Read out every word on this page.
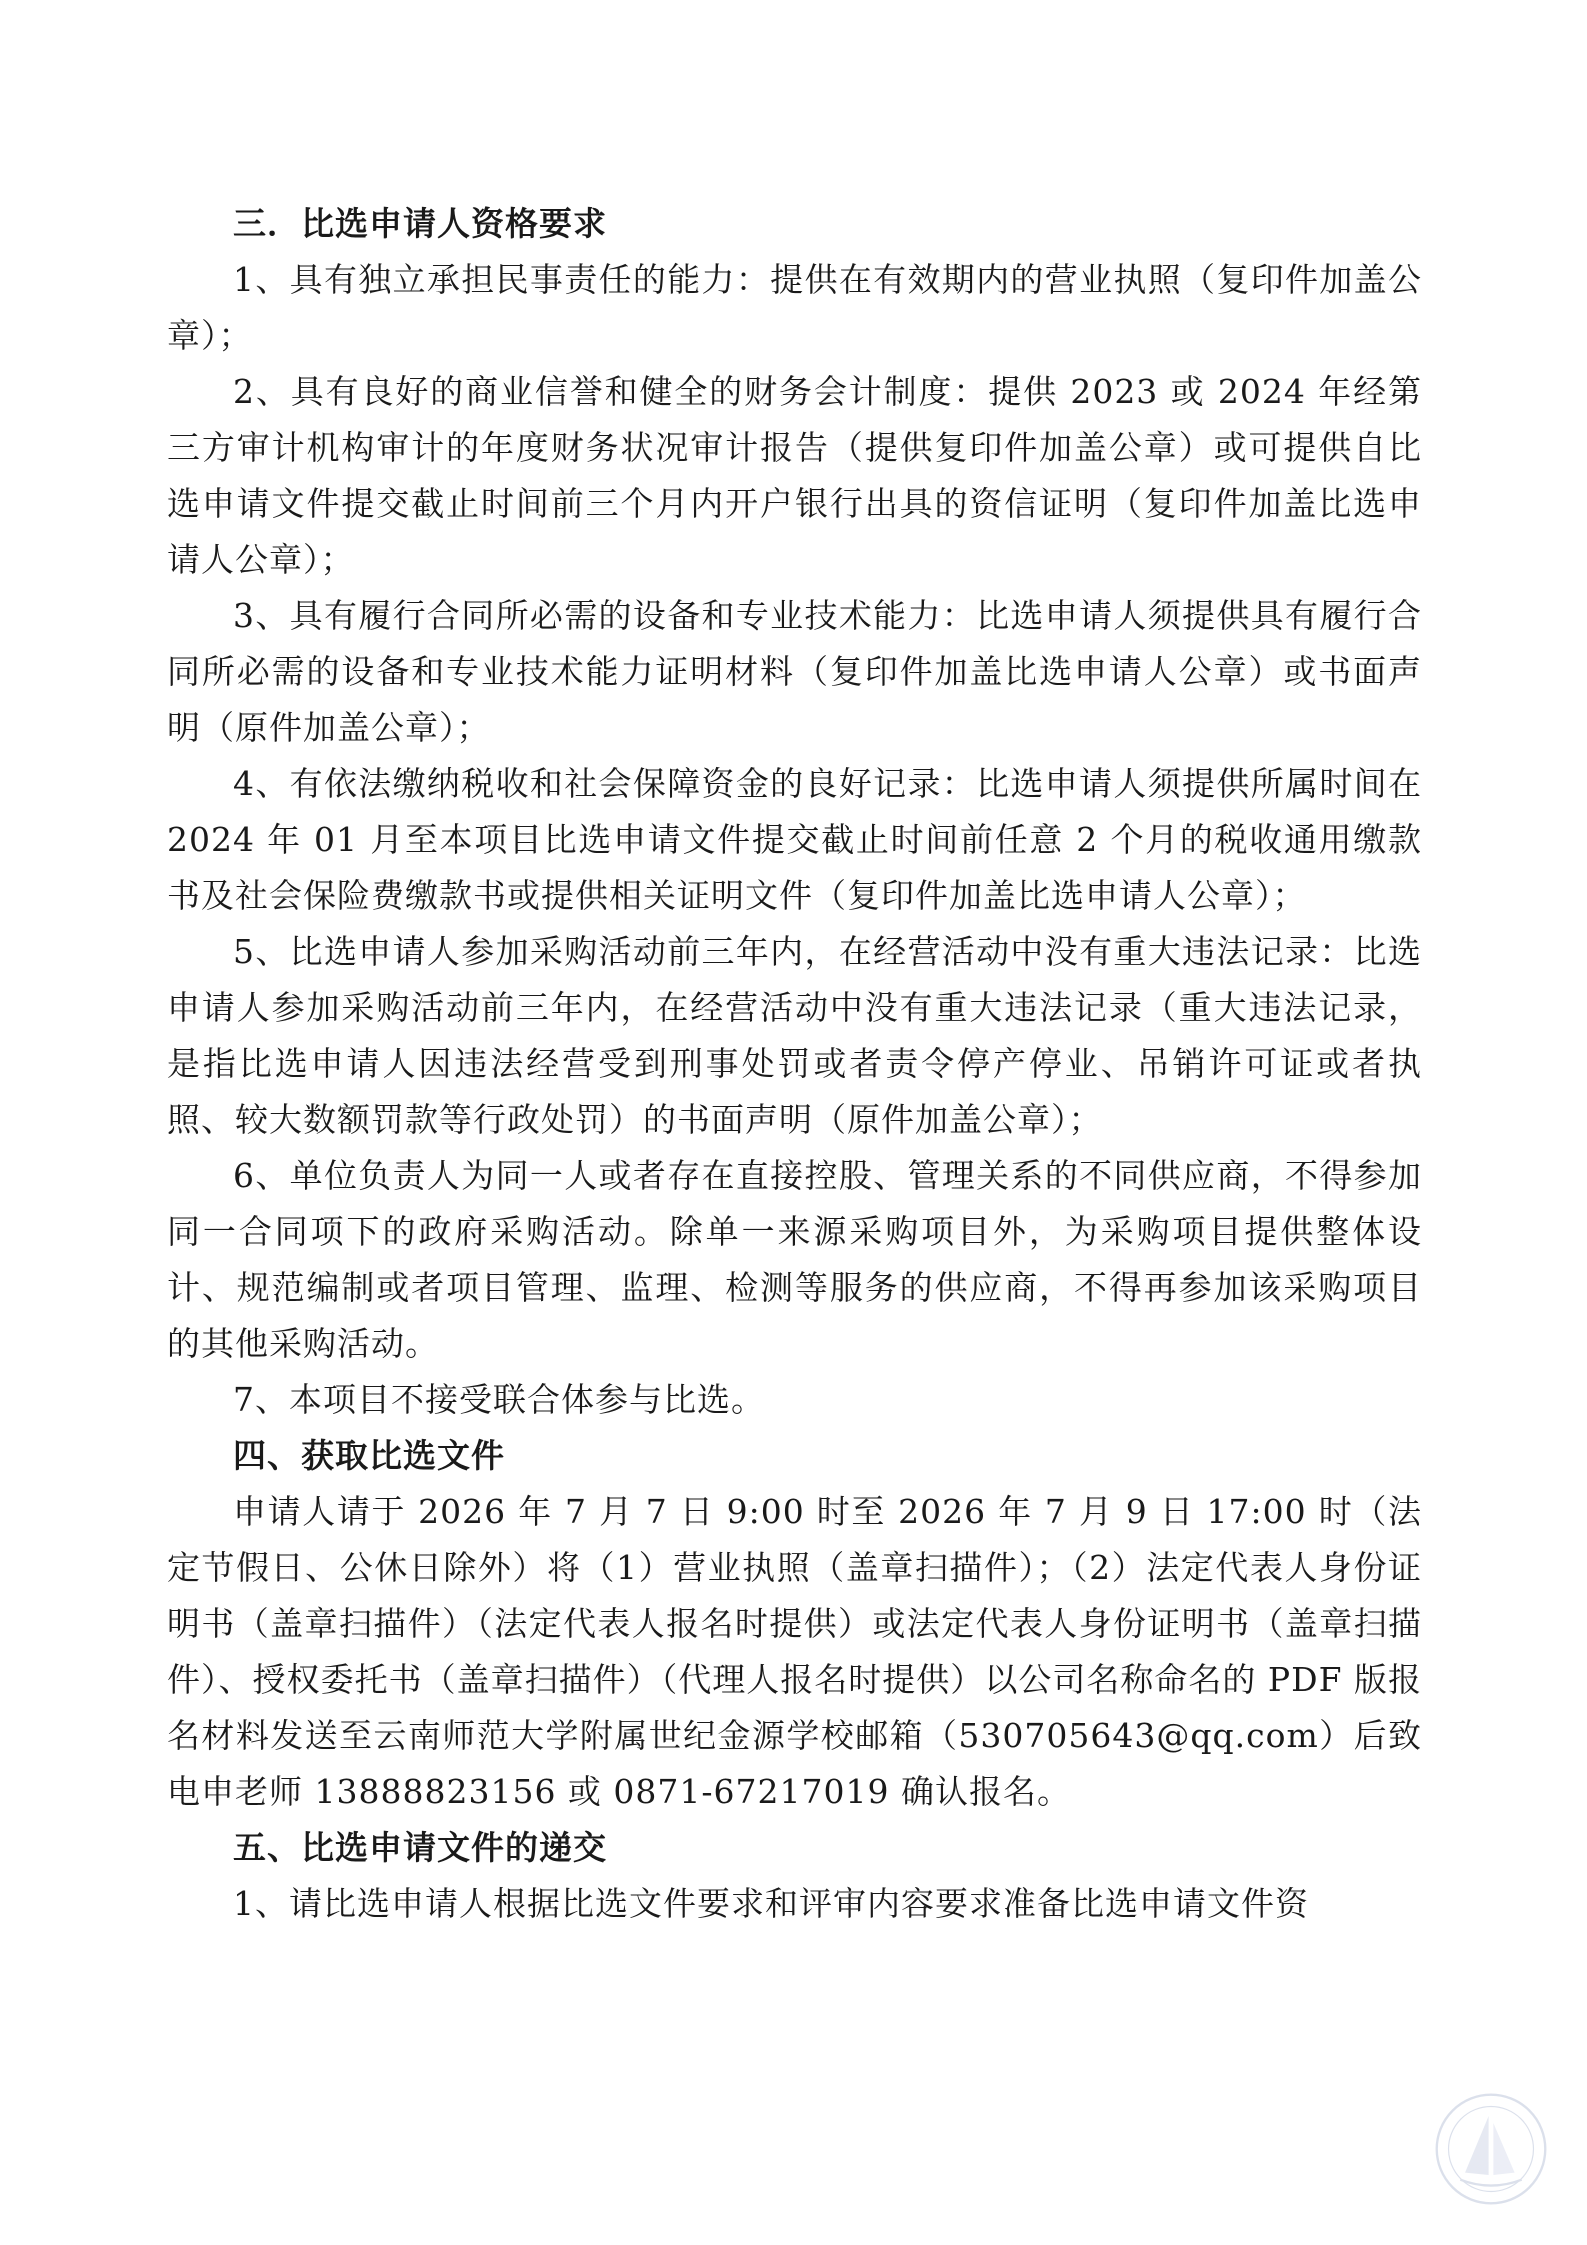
三．比选申请人资格要求

1、具有独立承担民事责任的能力：提供在有效期内的营业执照（复印件加盖公章）；

2、具有良好的商业信誉和健全的财务会计制度：提供 2023 或 2024 年经第三方审计机构审计的年度财务状况审计报告（提供复印件加盖公章）或可提供自比选申请文件提交截止时间前三个月内开户银行出具的资信证明（复印件加盖比选申请人公章）；

3、具有履行合同所必需的设备和专业技术能力：比选申请人须提供具有履行合同所必需的设备和专业技术能力证明材料（复印件加盖比选申请人公章）或书面声明（原件加盖公章）；

4、有依法缴纳税收和社会保障资金的良好记录：比选申请人须提供所属时间在 2024 年 01 月至本项目比选申请文件提交截止时间前任意 2 个月的税收通用缴款书及社会保险费缴款书或提供相关证明文件（复印件加盖比选申请人公章）；

5、比选申请人参加采购活动前三年内，在经营活动中没有重大违法记录：比选申请人参加采购活动前三年内，在经营活动中没有重大违法记录（重大违法记录，是指比选申请人因违法经营受到刑事处罚或者责令停产停业、吊销许可证或者执照、较大数额罚款等行政处罚）的书面声明（原件加盖公章）；

6、单位负责人为同一人或者存在直接控股、管理关系的不同供应商，不得参加同一合同项下的政府采购活动。除单一来源采购项目外，为采购项目提供整体设计、规范编制或者项目管理、监理、检测等服务的供应商，不得再参加该采购项目的其他采购活动。

7、本项目不接受联合体参与比选。

四、获取比选文件

申请人请于 2026 年 7 月 7 日 9:00 时至 2026 年 7 月 9 日 17:00 时（法定节假日、公休日除外）将（1）营业执照（盖章扫描件）；（2）法定代表人身份证明书（盖章扫描件）（法定代表人报名时提供）或法定代表人身份证明书（盖章扫描件）、授权委托书（盖章扫描件）（代理人报名时提供）以公司名称命名的 PDF 版报名材料发送至云南师范大学附属世纪金源学校邮箱（530705643@qq.com）后致电申老师 13888823156 或 0871-67217019 确认报名。

五、比选申请文件的递交

1、请比选申请人根据比选文件要求和评审内容要求准备比选申请文件资
